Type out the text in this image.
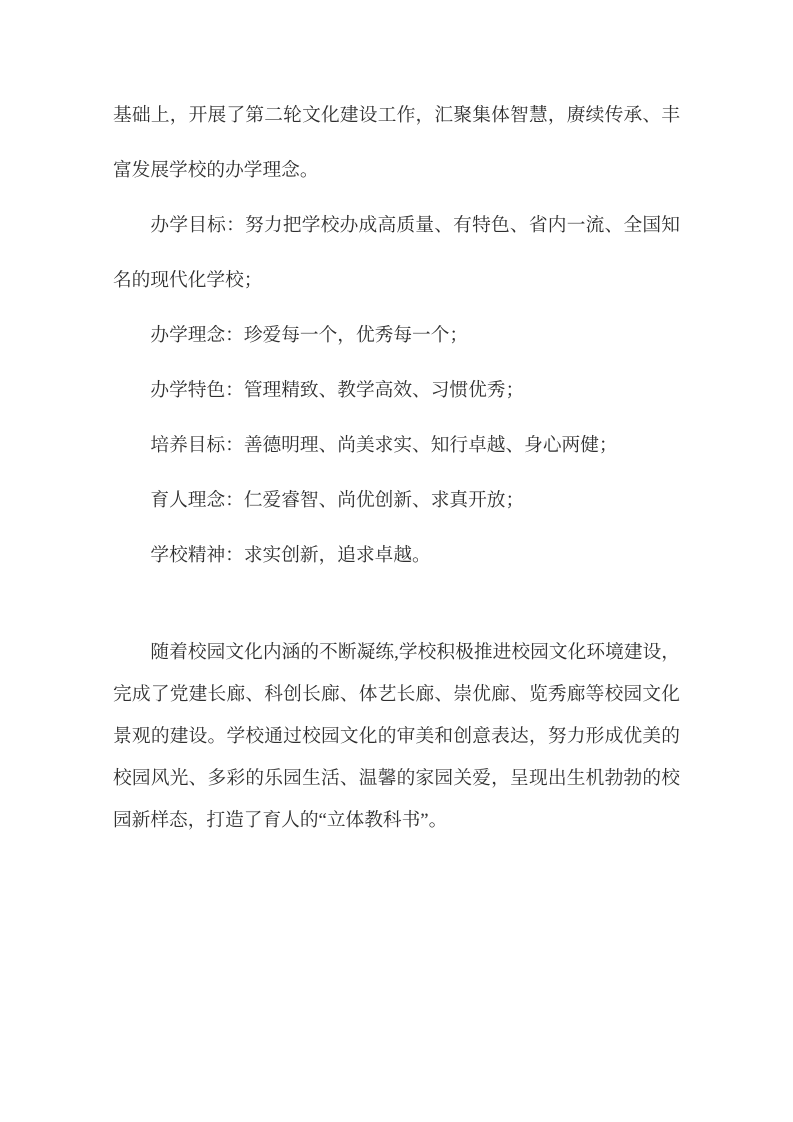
基础上，开展了第二轮文化建设工作，汇聚集体智慧，赓续传承、丰富发展学校的办学理念。

办学目标：努力把学校办成高质量、有特色、省内一流、全国知名的现代化学校；

办学理念：珍爱每一个，优秀每一个；

办学特色：管理精致、教学高效、习惯优秀；

培养目标：善德明理、尚美求实、知行卓越、身心两健；

育人理念：仁爱睿智、尚优创新、求真开放；

学校精神：求实创新，追求卓越。

随着校园文化内涵的不断凝练,学校积极推进校园文化环境建设，完成了党建长廊、科创长廊、体艺长廊、崇优廊、览秀廊等校园文化景观的建设。学校通过校园文化的审美和创意表达，努力形成优美的校园风光、多彩的乐园生活、温馨的家园关爱，呈现出生机勃勃的校园新样态，打造了育人的“立体教科书”。
